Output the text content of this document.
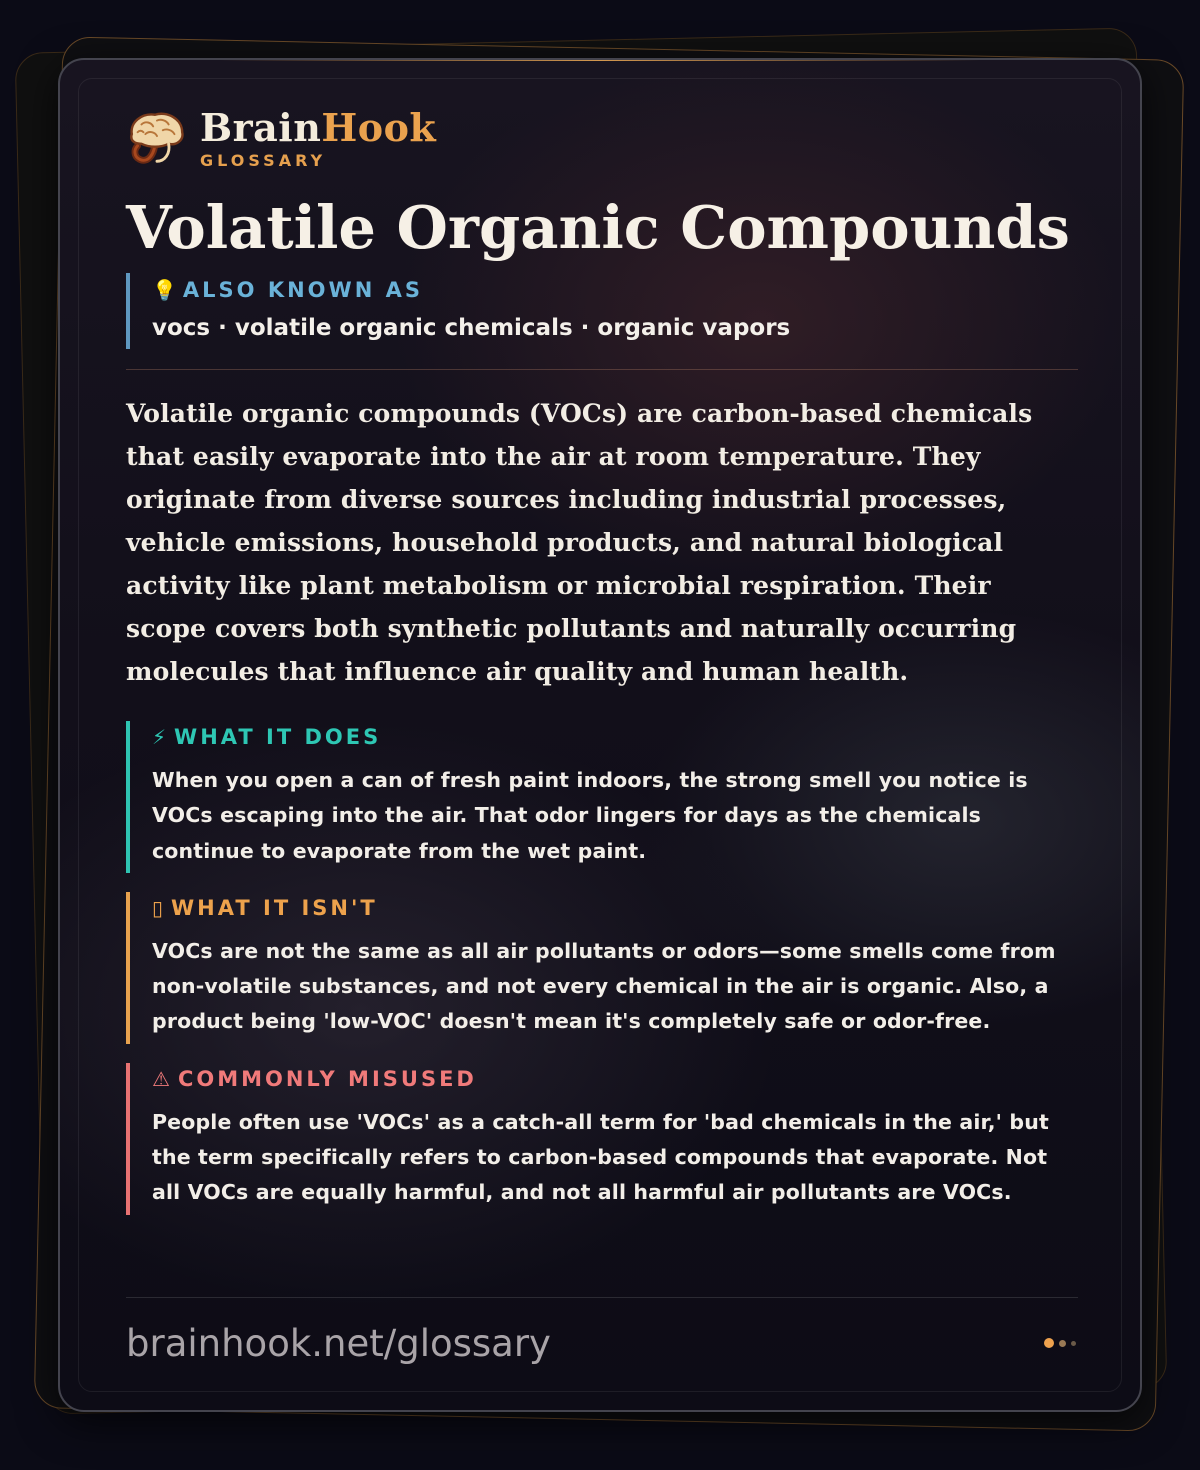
BrainHook
GLOSSARY
Volatile Organic Compounds
💡 ALSO KNOWN AS
vocs · volatile organic chemicals · organic vapors
Volatile organic compounds (VOCs) are carbon-based chemicals that easily evaporate into the air at room temperature. They originate from diverse sources including industrial processes, vehicle emissions, household products, and natural biological activity like plant metabolism or microbial respiration. Their scope covers both synthetic pollutants and naturally occurring molecules that influence air quality and human health.
⚡ WHAT IT DOES
When you open a can of fresh paint indoors, the strong smell you notice is VOCs escaping into the air. That odor lingers for days as the chemicals continue to evaporate from the wet paint.
▯ WHAT IT ISN'T
VOCs are not the same as all air pollutants or odors—some smells come from non-volatile substances, and not every chemical in the air is organic. Also, a product being 'low-VOC' doesn't mean it's completely safe or odor-free.
⚠ COMMONLY MISUSED
People often use 'VOCs' as a catch-all term for 'bad chemicals in the air,' but the term specifically refers to carbon-based compounds that evaporate. Not all VOCs are equally harmful, and not all harmful air pollutants are VOCs.
brainhook.net/glossary
